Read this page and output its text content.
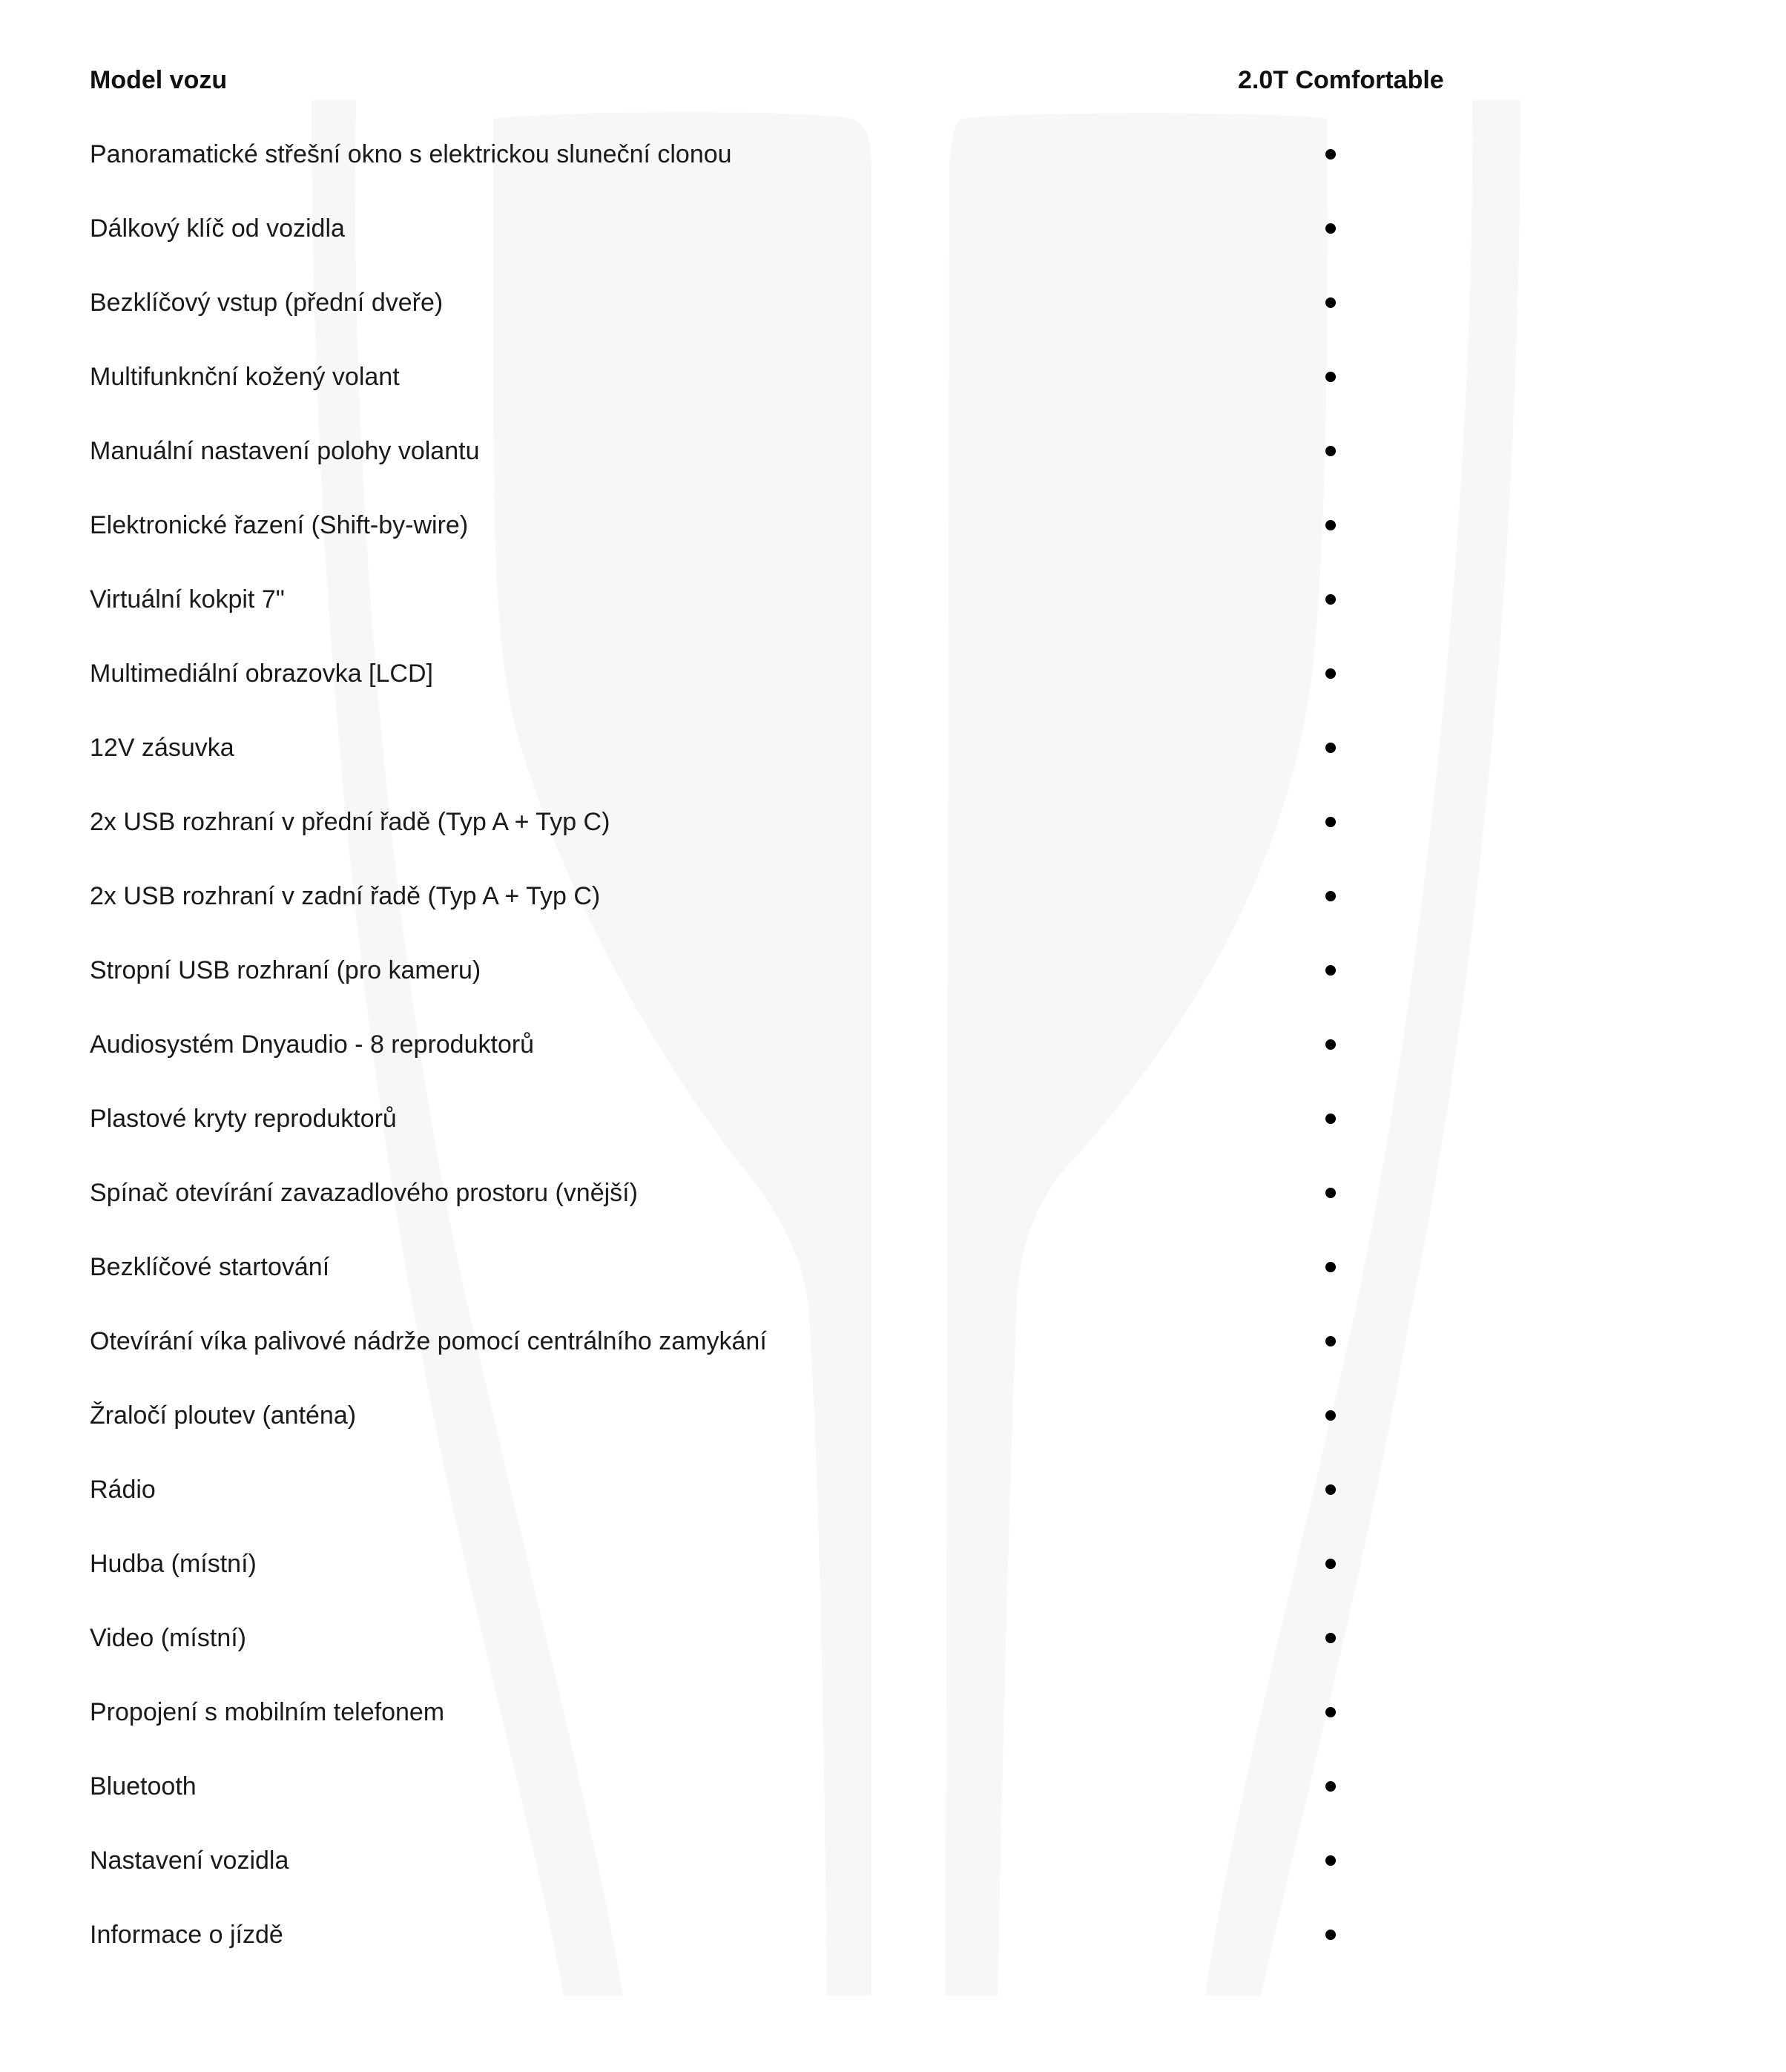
Model vozu	2.0T Comfortable
Panoramatické střešní okno s elektrickou sluneční clonou
Dálkový klíč od vozidla
Bezklíčový vstup (přední dveře)
Multifunknční kožený volant
Manuální nastavení polohy volantu
Elektronické řazení (Shift-by-wire)
Virtuální kokpit 7"
Multimediální obrazovka [LCD]
12V zásuvka
2x USB rozhraní v přední řadě (Typ A + Typ C)
2x USB rozhraní v zadní řadě (Typ A + Typ C)
Stropní USB rozhraní (pro kameru)
Audiosystém Dnyaudio - 8 reproduktorů
Plastové kryty reproduktorů
Spínač otevírání zavazadlového prostoru (vnější)
Bezklíčové startování
Otevírání víka palivové nádrže pomocí centrálního zamykání
Žraločí ploutev (anténa)
Rádio
Hudba (místní)
Video (místní)
Propojení s mobilním telefonem
Bluetooth
Nastavení vozidla
Informace o jízdě
